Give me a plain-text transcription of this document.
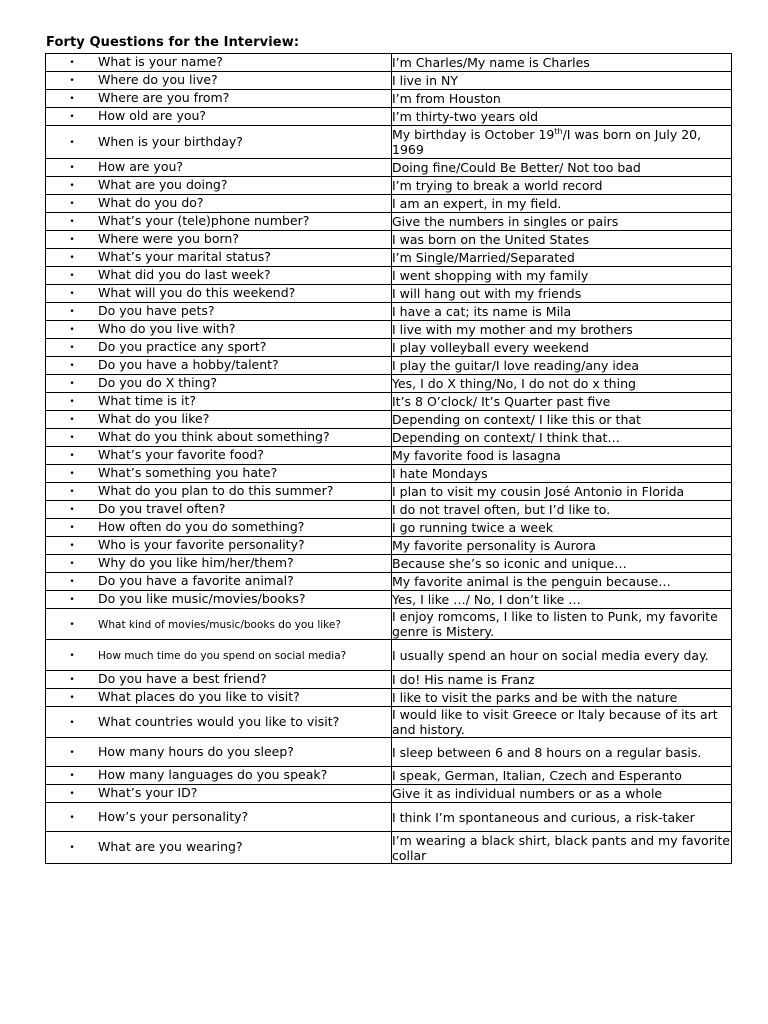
Forty Questions for the Interview:
• What is your name?	I’m Charles/My name is Charles

• Where do you live?	I live in NY

• Where are you from?	I’m from Houston

• How old are you?	I’m thirty-two years old

• When is your birthday?	My birthday is October 19th/I was born on July 20, 1969

• How are you?	Doing fine/Could Be Better/ Not too bad

• What are you doing?	I’m trying to break a world record

• What do you do?	I am an expert, in my field.

• What’s your (tele)phone number?	Give the numbers in singles or pairs

• Where were you born?	I was born on the United States

• What’s your marital status?	I’m Single/Married/Separated

• What did you do last week?	I went shopping with my family

• What will you do this weekend?	I will hang out with my friends

• Do you have pets?	I have a cat; its name is Mila

• Who do you live with?	I live with my mother and my brothers

• Do you practice any sport?	I play volleyball every weekend

• Do you have a hobby/talent?	I play the guitar/I love reading/any idea

• Do you do X thing?	Yes, I do X thing/No, I do not do x thing

• What time is it?	It’s 8 O’clock/ It’s Quarter past five

• What do you like?	Depending on context/ I like this or that

• What do you think about something?	Depending on context/ I think that…

• What’s your favorite food?	My favorite food is lasagna

• What’s something you hate?	I hate Mondays

• What do you plan to do this summer?	I plan to visit my cousin José Antonio in Florida

• Do you travel often?	I do not travel often, but I’d like to.

• How often do you do something?	I go running twice a week

• Who is your favorite personality?	My favorite personality is Aurora

• Why do you like him/her/them?	Because she’s so iconic and unique…

• Do you have a favorite animal?	My favorite animal is the penguin because…

• Do you like music/movies/books?	Yes, I like …/ No, I don’t like …

• What kind of movies/music/books do you like?	I enjoy romcoms, I like to listen to Punk, my favorite genre is Mistery.

• How much time do you spend on social media?	I usually spend an hour on social media every day.

• Do you have a best friend?	I do! His name is Franz

• What places do you like to visit?	I like to visit the parks and be with the nature

• What countries would you like to visit?	I would like to visit Greece or Italy because of its art and history.

• How many hours do you sleep?	I sleep between 6 and 8 hours on a regular basis.

• How many languages do you speak?	I speak, German, Italian, Czech and Esperanto

• What’s your ID?	Give it as individual numbers or as a whole

• How’s your personality?	I think I’m spontaneous and curious, a risk-taker

• What are you wearing?	I’m wearing a black shirt, black pants and my favorite collar
